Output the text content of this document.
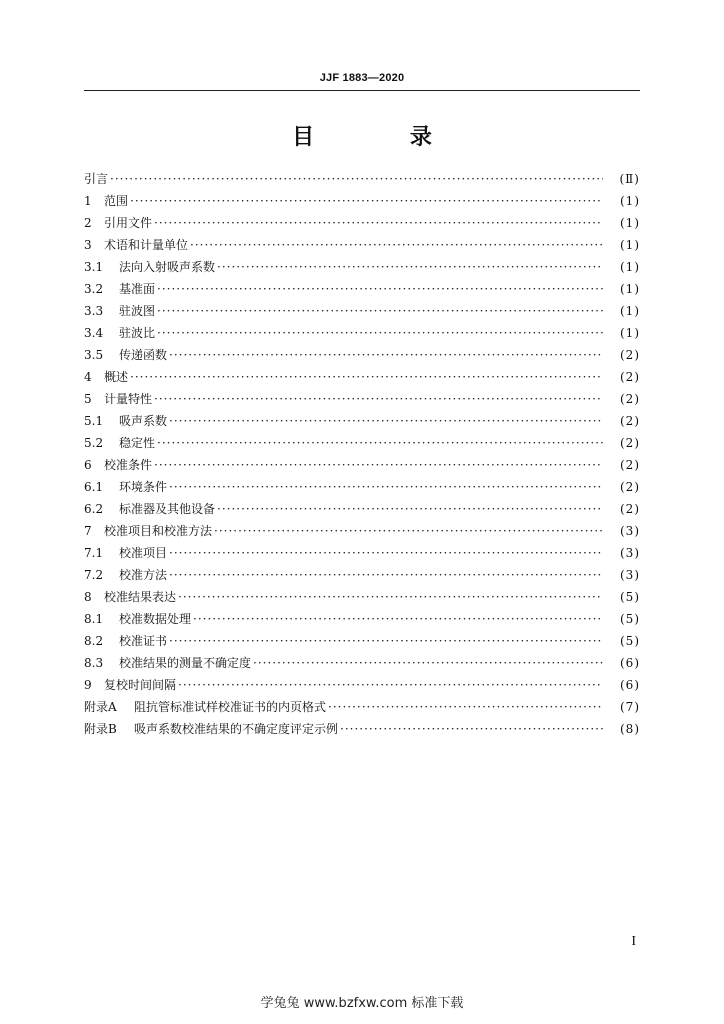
JJF 1883—2020
目 录
引言 ·····	(Ⅱ)
1	范围 ·····	(1)
2	引用文件 ·····	(1)
3	术语和计量单位 ·····	(1)
3.1	法向入射吸声系数 ·····	(1)
3.2	基准面 ·····	(1)
3.3	驻波图 ·····	(1)
3.4	驻波比 ·····	(1)
3.5	传递函数 ·····	(2)
4	概述 ·····	(2)
5	计量特性 ·····	(2)
5.1	吸声系数 ·····	(2)
5.2	稳定性 ·····	(2)
6	校准条件 ·····	(2)
6.1	环境条件 ·····	(2)
6.2	标准器及其他设备 ·····	(2)
7	校准项目和校准方法 ·····	(3)
7.1	校准项目 ·····	(3)
7.2	校准方法 ·····	(3)
8	校准结果表达 ·····	(5)
8.1	校准数据处理 ·····	(5)
8.2	校准证书 ·····	(5)
8.3	校准结果的测量不确定度 ·····	(6)
9	复校时间间隔 ·····	(6)
附录A	阻抗管标准试样校准证书的内页格式 ·····	(7)
附录B	吸声系数校准结果的不确定度评定示例 ·····	(8)
I
学兔兔 www.bzfxw.com 标准下载
